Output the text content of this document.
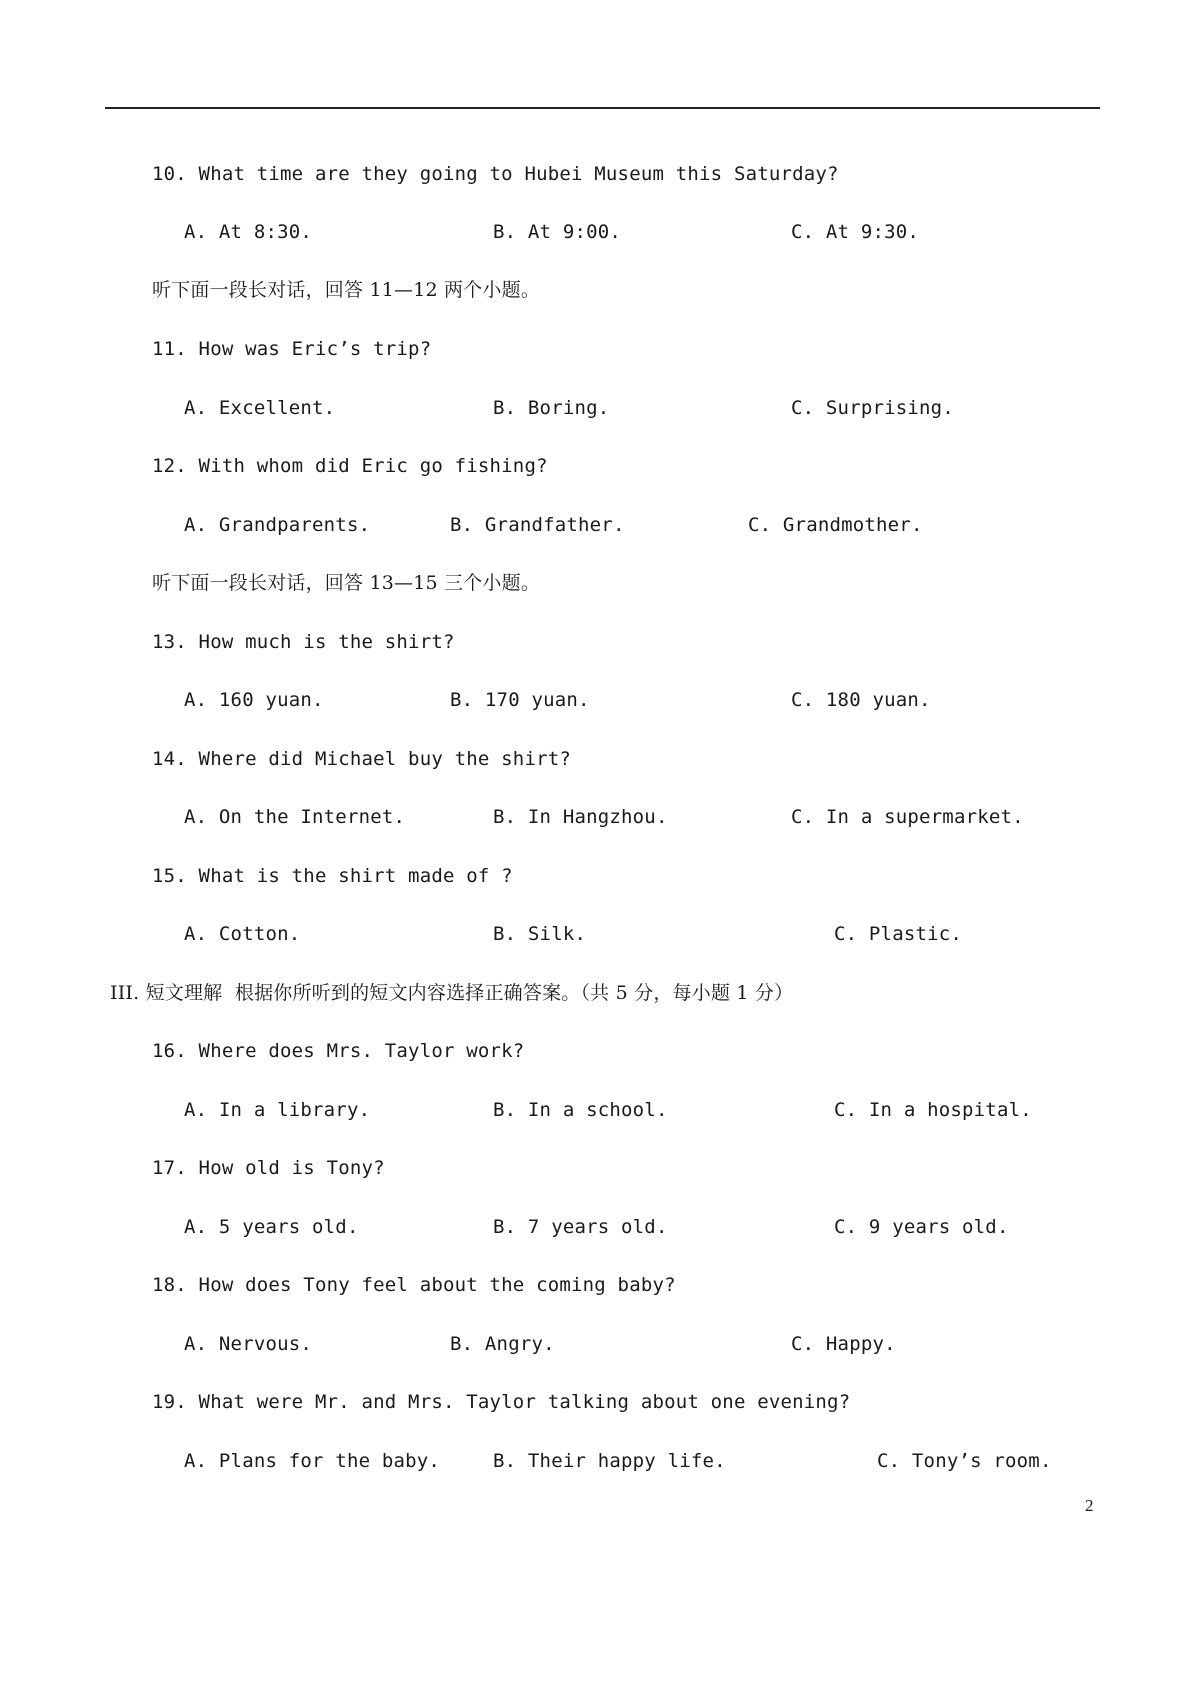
10. What time are they going to Hubei Museum this Saturday?
A. At 8:30.	B. At 9:00.	C. At 9:30.
听下面一段长对话，回答 11—12 两个小题。
11. How was Eric’s trip?
A. Excellent.	B. Boring.	C. Surprising.
12. With whom did Eric go fishing?
A. Grandparents.	B. Grandfather.	C. Grandmother.
听下面一段长对话，回答 13—15 三个小题。
13. How much is the shirt?
A. 160 yuan.	B. 170 yuan.	C. 180 yuan.
14. Where did Michael buy the shirt?
A. On the Internet.	B. In Hangzhou.	C. In a supermarket.
15. What is the shirt made of ?
A. Cotton.	B. Silk.	C. Plastic.
III. 短文理解  根据你所听到的短文内容选择正确答案。（共 5 分，每小题 1 分）
16. Where does Mrs. Taylor work?
A. In a library.	B. In a school.	C. In a hospital.
17. How old is Tony?
A. 5 years old.	B. 7 years old.	C. 9 years old.
18. How does Tony feel about the coming baby?
A. Nervous.	B. Angry.	C. Happy.
19. What were Mr. and Mrs. Taylor talking about one evening?
A. Plans for the baby.	B. Their happy life.	C. Tony’s room.
2
